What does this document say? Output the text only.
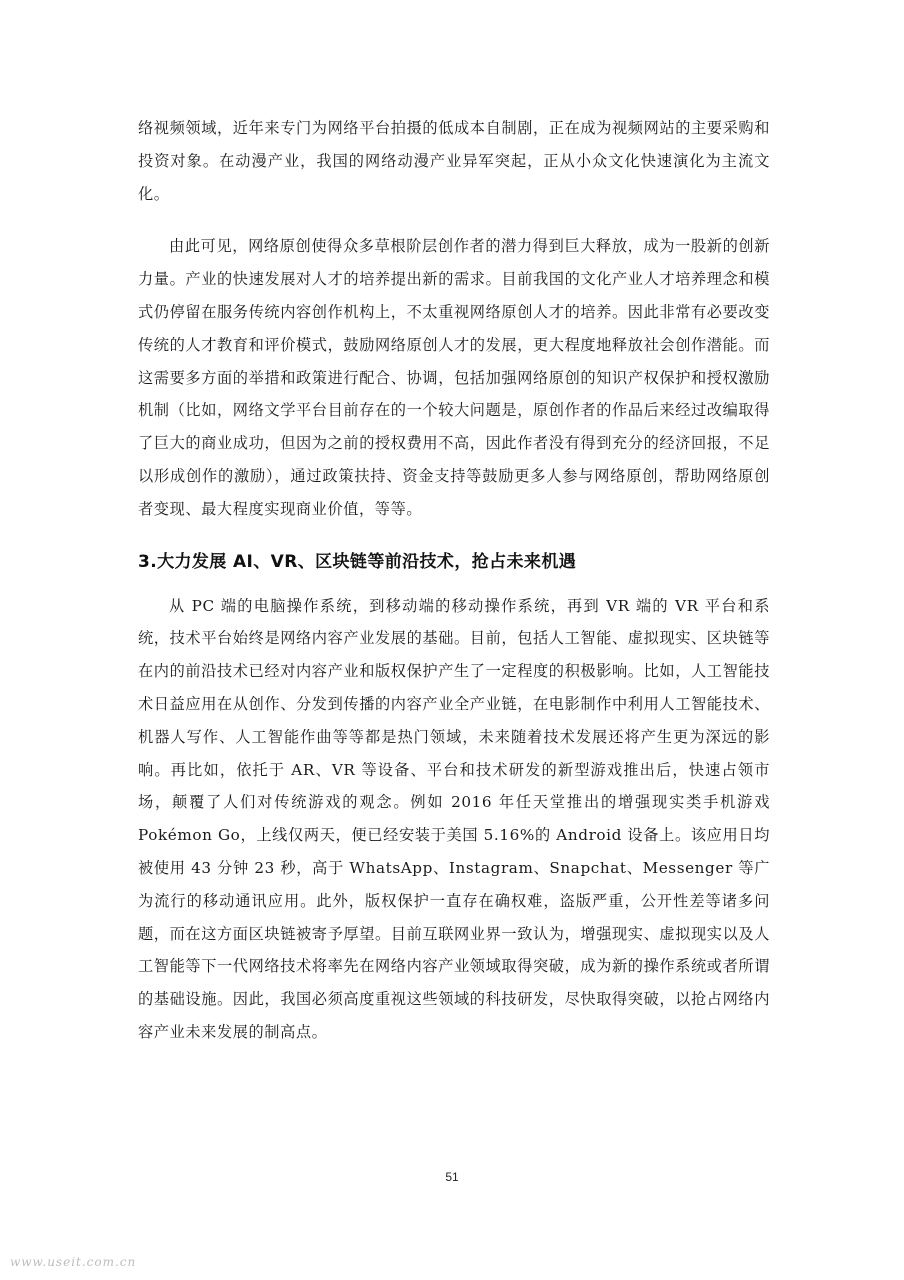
络视频领域，近年来专门为网络平台拍摄的低成本自制剧，正在成为视频网站的主要采购和投资对象。在动漫产业，我国的网络动漫产业异军突起，正从小众文化快速演化为主流文化。

由此可见，网络原创使得众多草根阶层创作者的潜力得到巨大释放，成为一股新的创新力量。产业的快速发展对人才的培养提出新的需求。目前我国的文化产业人才培养理念和模式仍停留在服务传统内容创作机构上，不太重视网络原创人才的培养。因此非常有必要改变传统的人才教育和评价模式，鼓励网络原创人才的发展，更大程度地释放社会创作潜能。而这需要多方面的举措和政策进行配合、协调，包括加强网络原创的知识产权保护和授权激励机制（比如，网络文学平台目前存在的一个较大问题是，原创作者的作品后来经过改编取得了巨大的商业成功，但因为之前的授权费用不高，因此作者没有得到充分的经济回报，不足以形成创作的激励），通过政策扶持、资金支持等鼓励更多人参与网络原创，帮助网络原创者变现、最大程度实现商业价值，等等。

3.大力发展 AI、VR、区块链等前沿技术，抢占未来机遇

从 PC 端的电脑操作系统，到移动端的移动操作系统，再到 VR 端的 VR 平台和系统，技术平台始终是网络内容产业发展的基础。目前，包括人工智能、虚拟现实、区块链等在内的前沿技术已经对内容产业和版权保护产生了一定程度的积极影响。比如，人工智能技术日益应用在从创作、分发到传播的内容产业全产业链，在电影制作中利用人工智能技术、机器人写作、人工智能作曲等等都是热门领域，未来随着技术发展还将产生更为深远的影响。再比如，依托于 AR、VR 等设备、平台和技术研发的新型游戏推出后，快速占领市场，颠覆了人们对传统游戏的观念。例如 2016 年任天堂推出的增强现实类手机游戏 Pokémon Go，上线仅两天，便已经安装于美国 5.16%的 Android 设备上。该应用日均被使用 43 分钟 23 秒，高于 WhatsApp、Instagram、Snapchat、Messenger 等广为流行的移动通讯应用。此外，版权保护一直存在确权难，盗版严重，公开性差等诸多问题，而在这方面区块链被寄予厚望。目前互联网业界一致认为，增强现实、虚拟现实以及人工智能等下一代网络技术将率先在网络内容产业领域取得突破，成为新的操作系统或者所谓的基础设施。因此，我国必须高度重视这些领域的科技研发，尽快取得突破，以抢占网络内容产业未来发展的制高点。

51
www.useit.com.cn
